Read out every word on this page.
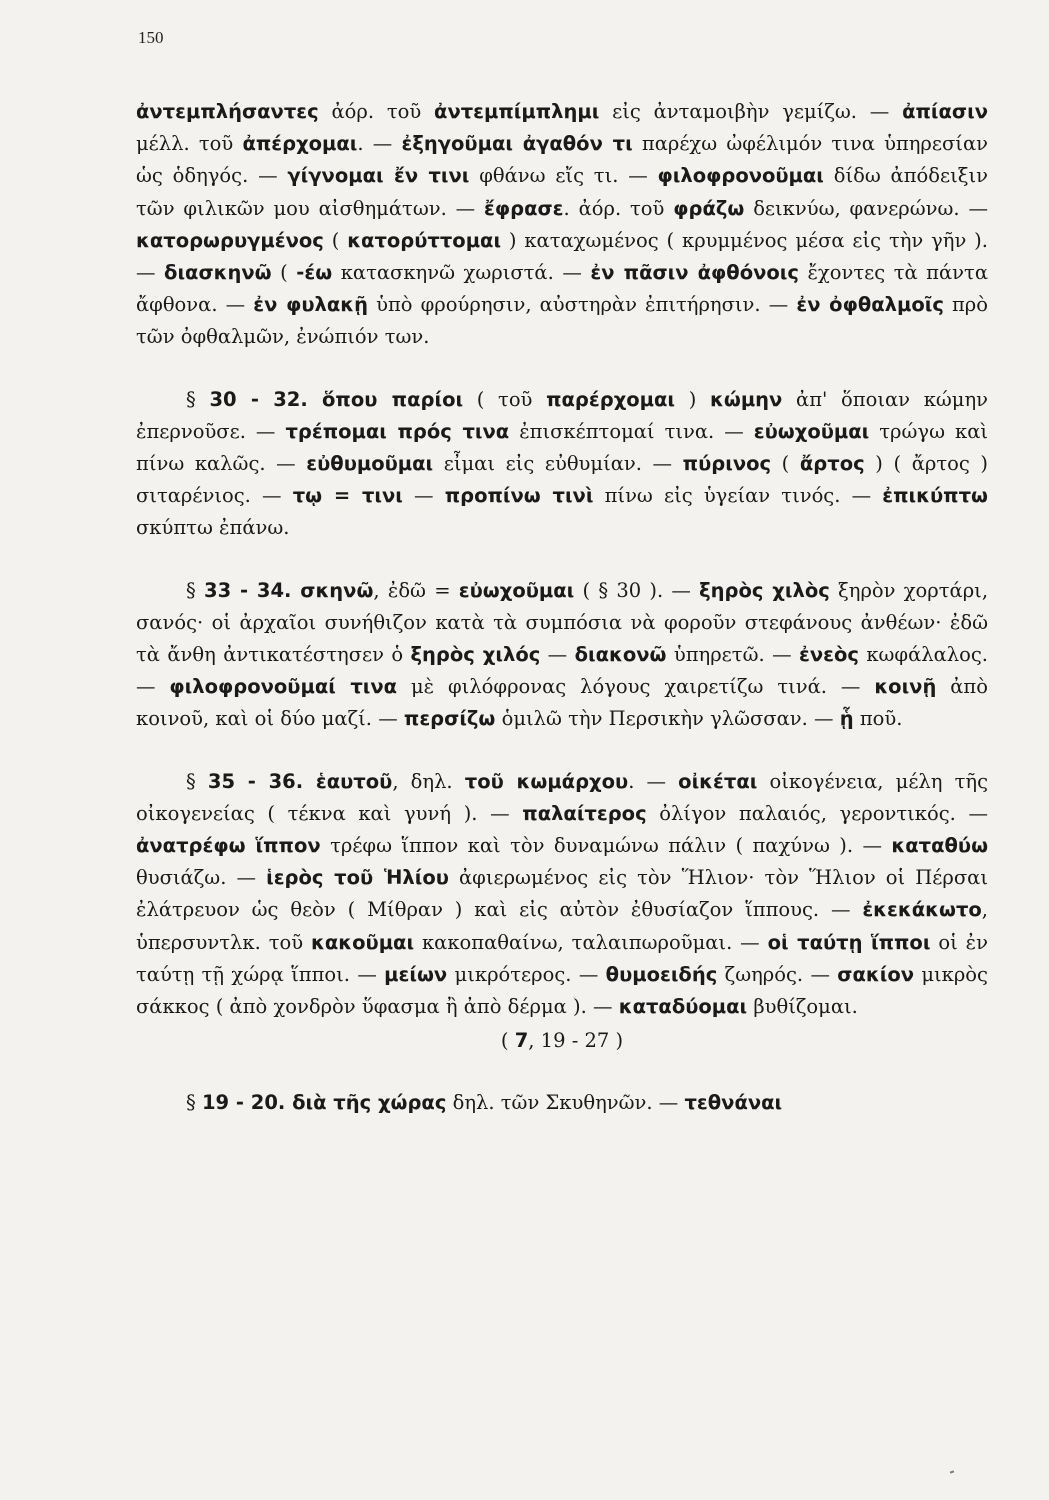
150

ἀντεμπλήσαντες ἀόρ. τοῦ ἀντεμπίμπλημι εἰς ἀνταμοιβὴν γεμίζω. — ἀπίασιν μέλλ. τοῦ ἀπέρχομαι. — ἐξηγοῦμαι ἀγαθόν τι παρέχω ὠφέλιμόν τινα ὑπηρεσίαν ὡς ὁδηγός. — γίγνομαι ἔν τινι φθάνω εἴς τι. — φιλοφρονοῦμαι δίδω ἀπόδειξιν τῶν φιλικῶν μου αἰσθημάτων. — ἔφρασε. ἀόρ. τοῦ φράζω δεικνύω, φανερώνω. — κατορωρυγμένος ( κατορύττομαι ) καταχωμένος ( κρυμμένος μέσα εἰς τὴν γῆν ). — διασκηνῶ ( -έω κατασκηνῶ χωριστά. — ἐν πᾶσιν ἀφθόνοις ἔχοντες τὰ πάντα ἄφθονα. — ἐν φυλακῇ ὑπὸ φρούρησιν, αὐστηρὰν ἐπιτήρησιν. — ἐν ὀφθαλμοῖς πρὸ τῶν ὀφθαλμῶν, ἐνώπιόν των.

§ 30 - 32. ὅπου παρίοι ( τοῦ παρέρχομαι ) κώμην ἀπ' ὅποιαν κώμην ἐπερνοῦσε. — τρέπομαι πρός τινα ἐπισκέπτομαί τινα. — εὐωχοῦμαι τρώγω καὶ πίνω καλῶς. — εὐθυμοῦμαι εἶμαι εἰς εὐθυμίαν. — πύρινος ( ἄρτος ) ( ἄρτος ) σιταρένιος. — τῳ = τινι — προπίνω τινὶ πίνω εἰς ὑγείαν τινός. — ἐπικύπτω σκύπτω ἐπάνω.

§ 33 - 34. σκηνῶ, ἐδῶ = εὐωχοῦμαι ( § 30 ). — ξηρὸς χιλὸς ξηρὸν χορτάρι, σανός· οἱ ἀρχαῖοι συνήθιζον κατὰ τὰ συμπόσια νὰ φοροῦν στεφάνους ἀνθέων· ἐδῶ τὰ ἄνθη ἀντικατέστησεν ὁ ξηρὸς χιλός — διακονῶ ὑπηρετῶ. — ἐνεὸς κωφάλαλος. — φιλοφρονοῦμαί τινα μὲ φιλόφρονας λόγους χαιρετίζω τινά. — κοινῇ ἀπὸ κοινοῦ, καὶ οἱ δύο μαζί. — περσίζω ὁμιλῶ τὴν Περσικὴν γλῶσσαν. — ᾗ ποῦ.

§ 35 - 36. ἑαυτοῦ, δηλ. τοῦ κωμάρχου. — οἰκέται οἰκογένεια, μέλη τῆς οἰκογενείας ( τέκνα καὶ γυνή ). — παλαίτερος ὀλίγον παλαιός, γεροντικός. — ἀνατρέφω ἵππον τρέφω ἵππον καὶ τὸν δυναμώνω πάλιν ( παχύνω ). — καταθύω θυσιάζω. — ἱερὸς τοῦ Ἡλίου ἀφιερωμένος εἰς τὸν Ἥλιον· τὸν Ἥλιον οἱ Πέρσαι ἐλάτρευον ὡς θεὸν ( Μίθραν ) καὶ εἰς αὐτὸν ἐθυσίαζον ἵππους. — ἐκεκάκωτο, ὑπερσυντλκ. τοῦ κακοῦμαι κακοπαθαίνω, ταλαιπωροῦμαι. — οἱ ταύτῃ ἵπποι οἱ ἐν ταύτῃ τῇ χώρᾳ ἵπποι. — μείων μικρότερος. — θυμοειδής ζωηρός. — σακίον μικρὸς σάκκος ( ἀπὸ χονδρὸν ὕφασμα ἢ ἀπὸ δέρμα ). — καταδύομαι βυθίζομαι.

( 7, 19 - 27 )

§ 19 - 20. διὰ τῆς χώρας δηλ. τῶν Σκυθηνῶν. — τεθνάναι
